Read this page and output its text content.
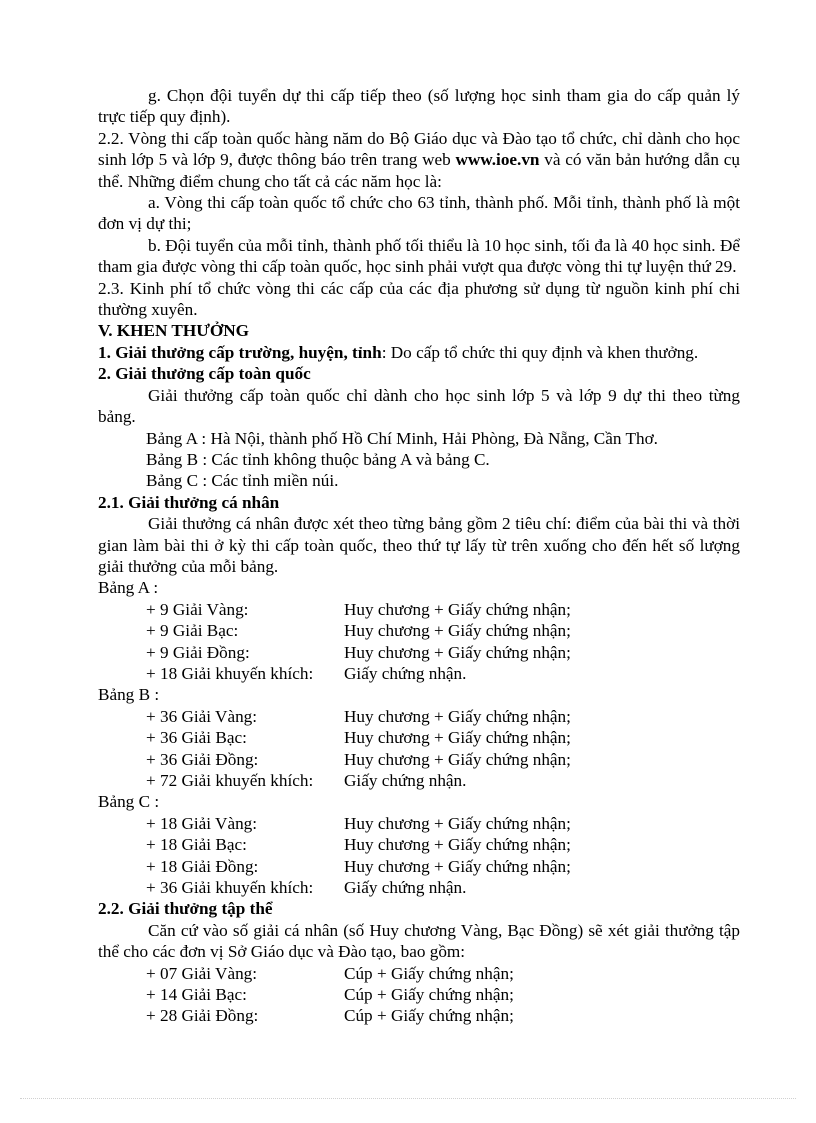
g. Chọn đội tuyển dự thi cấp tiếp theo (số lượng học sinh tham gia do cấp quản lý trực tiếp quy định).

2.2. Vòng thi cấp toàn quốc hàng năm do Bộ Giáo dục và Đào tạo tổ chức, chỉ dành cho học sinh lớp 5 và lớp 9, được thông báo trên trang web www.ioe.vn và có văn bản hướng dẫn cụ thể. Những điểm chung cho tất cả các năm học là:

a. Vòng thi cấp toàn quốc tổ chức cho 63 tỉnh, thành phố. Mỗi tỉnh, thành phố là một đơn vị dự thi;

b. Đội tuyển của mỗi tỉnh, thành phố tối thiểu là 10 học sinh, tối đa là 40 học sinh. Để tham gia được vòng thi cấp toàn quốc, học sinh phải vượt qua được vòng thi tự luyện thứ 29.

2.3. Kinh phí tổ chức vòng thi các cấp của các địa phương sử dụng từ nguồn kinh phí chi thường xuyên.

V. KHEN THƯỞNG

1. Giải thưởng cấp trường, huyện, tỉnh: Do cấp tổ chức thi quy định và khen thưởng.

2. Giải thưởng cấp toàn quốc

Giải thưởng cấp toàn quốc chỉ dành cho học sinh lớp 5 và lớp 9 dự thi theo từng bảng.

Bảng A : Hà Nội, thành phố Hồ Chí Minh, Hải Phòng, Đà Nẵng, Cần Thơ.

Bảng B : Các tỉnh không thuộc bảng A và bảng C.

Bảng C : Các tỉnh miền núi.

2.1. Giải thưởng cá nhân

Giải thưởng cá nhân được xét theo từng bảng gồm 2 tiêu chí: điểm của bài thi và thời gian làm bài thi ở kỳ thi cấp toàn quốc, theo thứ tự lấy từ trên xuống cho đến hết số lượng giải thưởng của mỗi bảng.

Bảng A :

+ 9 Giải Vàng:	Huy chương + Giấy chứng nhận;
+ 9 Giải Bạc:	Huy chương + Giấy chứng nhận;
+ 9 Giải Đồng:	Huy chương + Giấy chứng nhận;
+ 18 Giải khuyến khích:	Giấy chứng nhận.

Bảng B :

+ 36 Giải Vàng:	Huy chương + Giấy chứng nhận;
+ 36 Giải Bạc:	Huy chương + Giấy chứng nhận;
+ 36 Giải Đồng:	Huy chương + Giấy chứng nhận;
+ 72 Giải khuyến khích:	Giấy chứng nhận.

Bảng C :

+ 18 Giải Vàng:	Huy chương + Giấy chứng nhận;
+ 18 Giải Bạc:	Huy chương + Giấy chứng nhận;
+ 18 Giải Đồng:	Huy chương + Giấy chứng nhận;
+ 36 Giải khuyến khích:	Giấy chứng nhận.

2.2. Giải thưởng tập thể

Căn cứ vào số giải cá nhân (số Huy chương Vàng, Bạc Đồng) sẽ xét giải thưởng tập thể cho các đơn vị Sở Giáo dục và Đào tạo, bao gồm:

+ 07 Giải Vàng:	Cúp + Giấy chứng nhận;
+ 14 Giải Bạc:	Cúp + Giấy chứng nhận;
+ 28 Giải Đồng:	Cúp + Giấy chứng nhận;
